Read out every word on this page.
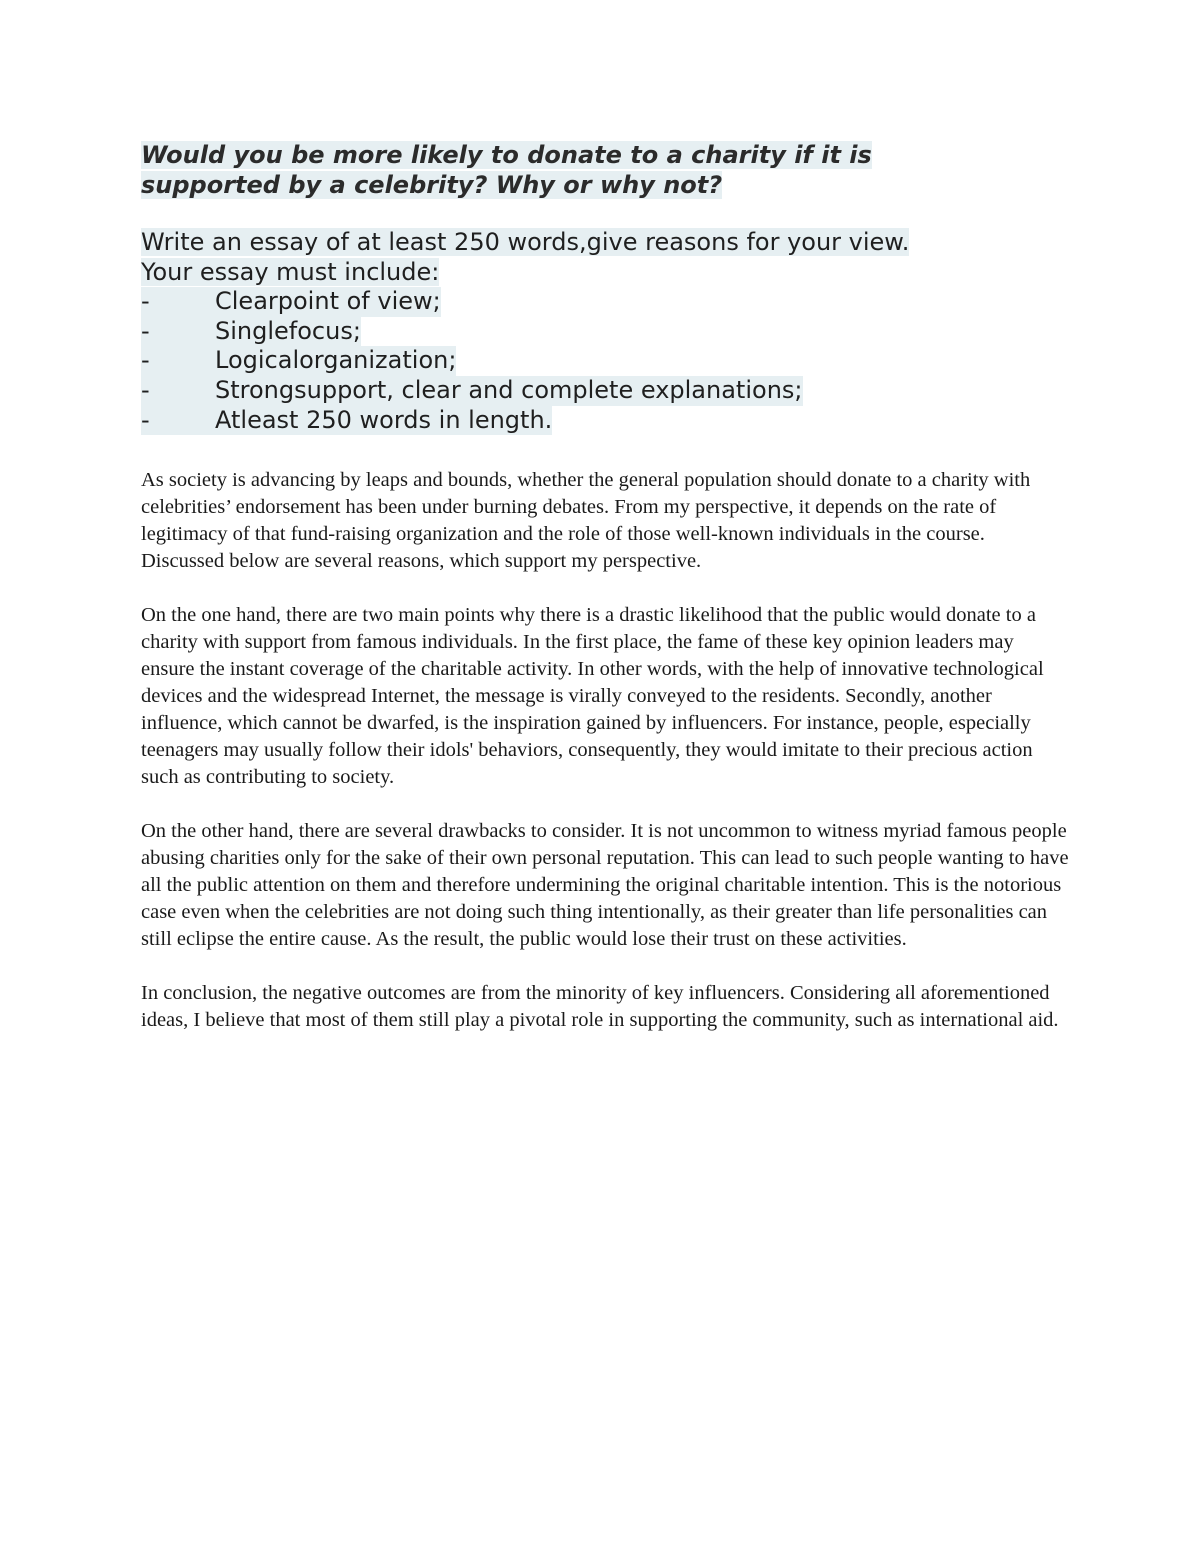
Would you be more likely to donate to a charity if it is supported by a celebrity? Why or why not?

Write an essay of at least 250 words,give reasons for your view.
Your essay must include:
-	Clearpoint of view;
-	Singlefocus;
-	Logicalorganization;
-	Strongsupport, clear and complete explanations;
-	Atleast 250 words in length.

As society is advancing by leaps and bounds, whether the general population should donate to a charity with celebrities’ endorsement has been under burning debates. From my perspective, it depends on the rate of legitimacy of that fund-raising organization and the role of those well-known individuals in the course. Discussed below are several reasons, which support my perspective.

On the one hand, there are two main points why there is a drastic likelihood that the public would donate to a charity with support from famous individuals. In the first place, the fame of these key opinion leaders may ensure the instant coverage of the charitable activity. In other words, with the help of innovative technological devices and the widespread Internet, the message is virally conveyed to the residents. Secondly, another influence, which cannot be dwarfed, is the inspiration gained by influencers. For instance, people, especially teenagers may usually follow their idols' behaviors, consequently, they would imitate to their precious action such as contributing to society.

On the other hand, there are several drawbacks to consider. It is not uncommon to witness myriad famous people abusing charities only for the sake of their own personal reputation. This can lead to such people wanting to have all the public attention on them and therefore undermining the original charitable intention. This is the notorious case even when the celebrities are not doing such thing intentionally, as their greater than life personalities can still eclipse the entire cause. As the result, the public would lose their trust on these activities.

In conclusion, the negative outcomes are from the minority of key influencers. Considering all aforementioned ideas, I believe that most of them still play a pivotal role in supporting the community, such as international aid.
